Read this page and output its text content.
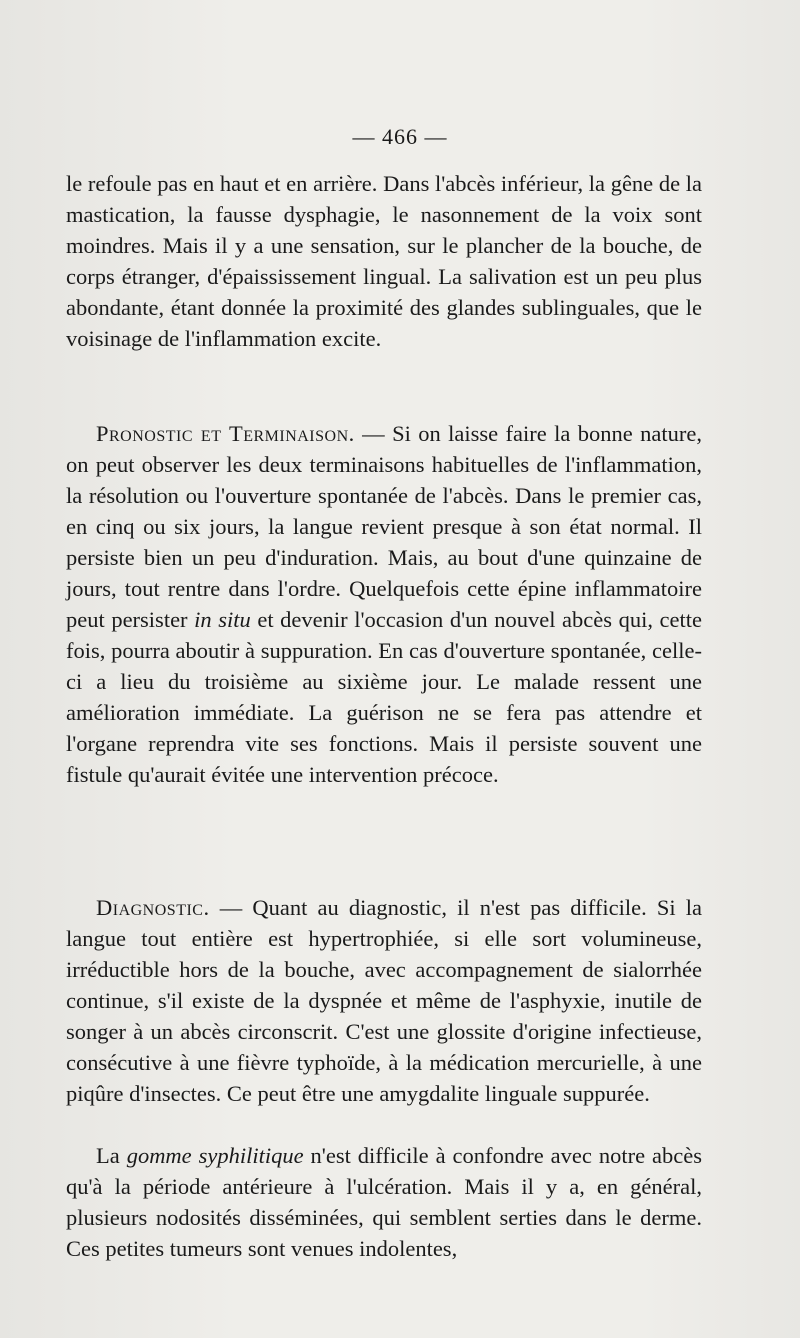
— 466 —

le refoule pas en haut et en arrière. Dans l'abcès inférieur, la gêne de la mastication, la fausse dysphagie, le nasonnement de la voix sont moindres. Mais il y a une sensation, sur le plancher de la bouche, de corps étranger, d'épaississement lingual. La salivation est un peu plus abondante, étant donnée la proximité des glandes sublinguales, que le voisinage de l'inflammation excite.

Pronostic et Terminaison. — Si on laisse faire la bonne nature, on peut observer les deux terminaisons habituelles de l'inflammation, la résolution ou l'ouverture spontanée de l'abcès. Dans le premier cas, en cinq ou six jours, la langue revient presque à son état normal. Il persiste bien un peu d'induration. Mais, au bout d'une quinzaine de jours, tout rentre dans l'ordre. Quelquefois cette épine inflammatoire peut persister in situ et devenir l'occasion d'un nouvel abcès qui, cette fois, pourra aboutir à suppuration. En cas d'ouverture spontanée, celle-ci a lieu du troisième au sixième jour. Le malade ressent une amélioration immédiate. La guérison ne se fera pas attendre et l'organe reprendra vite ses fonctions. Mais il persiste souvent une fistule qu'aurait évitée une intervention précoce.

Diagnostic. — Quant au diagnostic, il n'est pas difficile. Si la langue tout entière est hypertrophiée, si elle sort volumineuse, irréductible hors de la bouche, avec accompagnement de sialorrhée continue, s'il existe de la dyspnée et même de l'asphyxie, inutile de songer à un abcès circonscrit. C'est une glossite d'origine infectieuse, consécutive à une fièvre typhoïde, à la médication mercurielle, à une piqûre d'insectes. Ce peut être une amygdalite linguale suppurée.

La gomme syphilitique n'est difficile à confondre avec notre abcès qu'à la période antérieure à l'ulcération. Mais il y a, en général, plusieurs nodosités disséminées, qui semblent serties dans le derme. Ces petites tumeurs sont venues indolentes,
